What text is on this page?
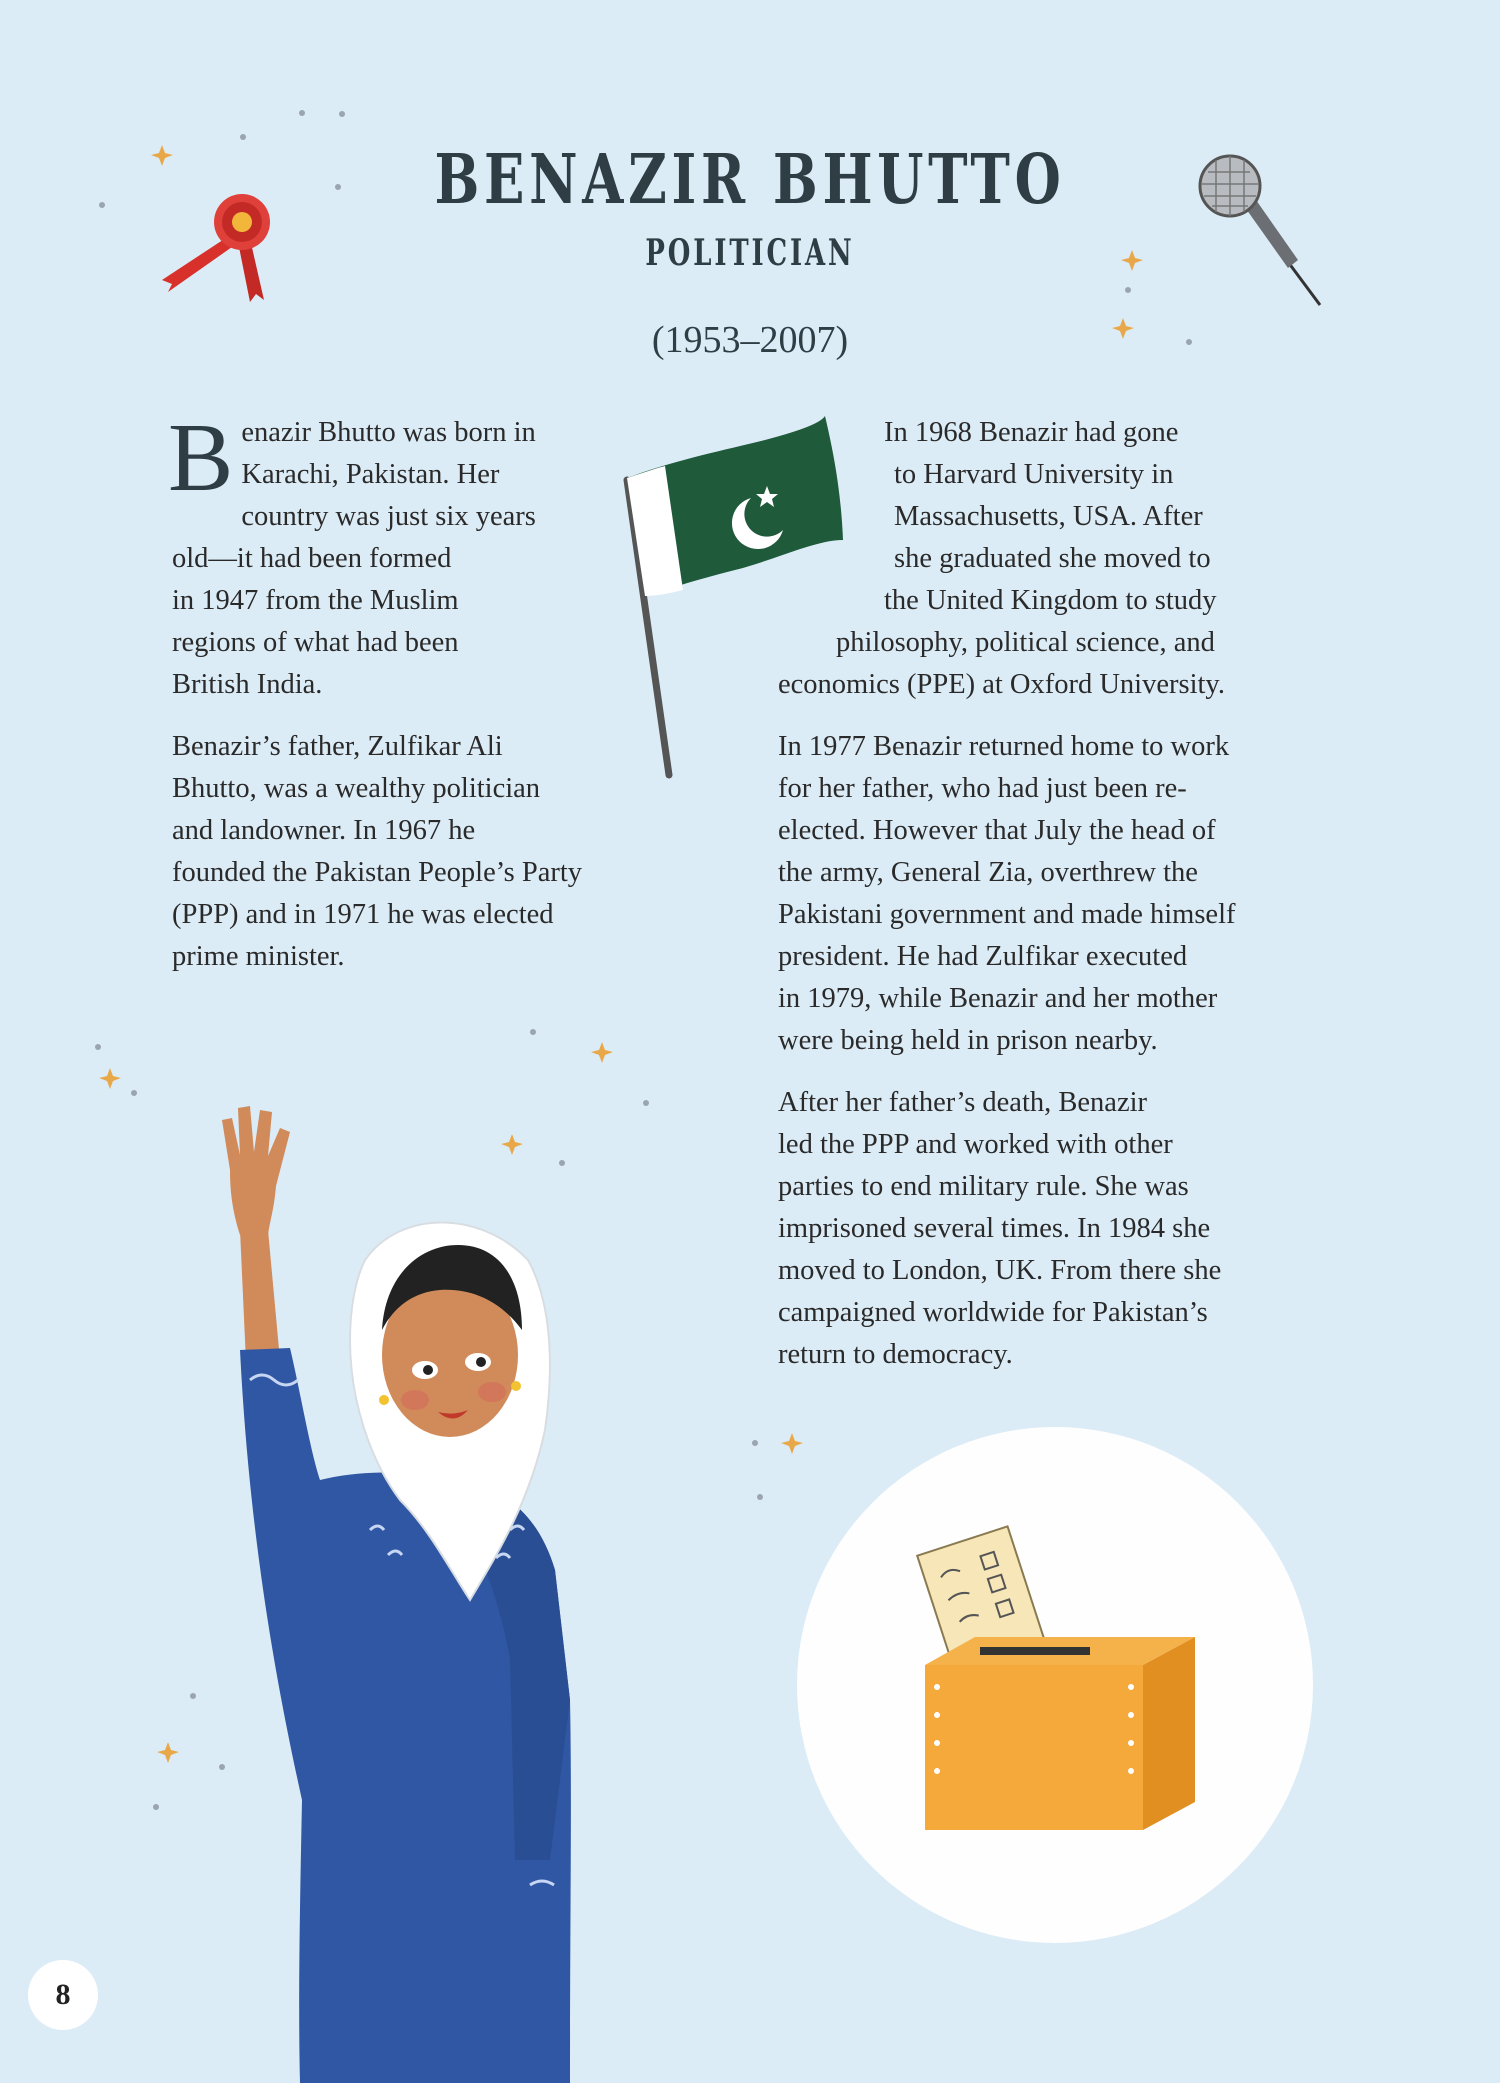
BENAZIR BHUTTO
POLITICIAN
(1953–2007)

B enazir Bhutto was born in
Karachi, Pakistan. Her
country was just six years
old—it had been formed
in 1947 from the Muslim
regions of what had been
British India.

Benazir’s father, Zulfikar Ali
Bhutto, was a wealthy politician
and landowner. In 1967 he
founded the Pakistan People’s Party
(PPP) and in 1971 he was elected
prime minister.

In 1968 Benazir had gone
to Harvard University in
Massachusetts, USA. After
she graduated she moved to
the United Kingdom to study
philosophy, political science, and
economics (PPE) at Oxford University.

In 1977 Benazir returned home to work
for her father, who had just been re-
elected. However that July the head of
the army, General Zia, overthrew the
Pakistani government and made himself
president. He had Zulfikar executed
in 1979, while Benazir and her mother
were being held in prison nearby.

After her father’s death, Benazir
led the PPP and worked with other
parties to end military rule. She was
imprisoned several times. In 1984 she
moved to London, UK. From there she
campaigned worldwide for Pakistan’s
return to democracy.

8
